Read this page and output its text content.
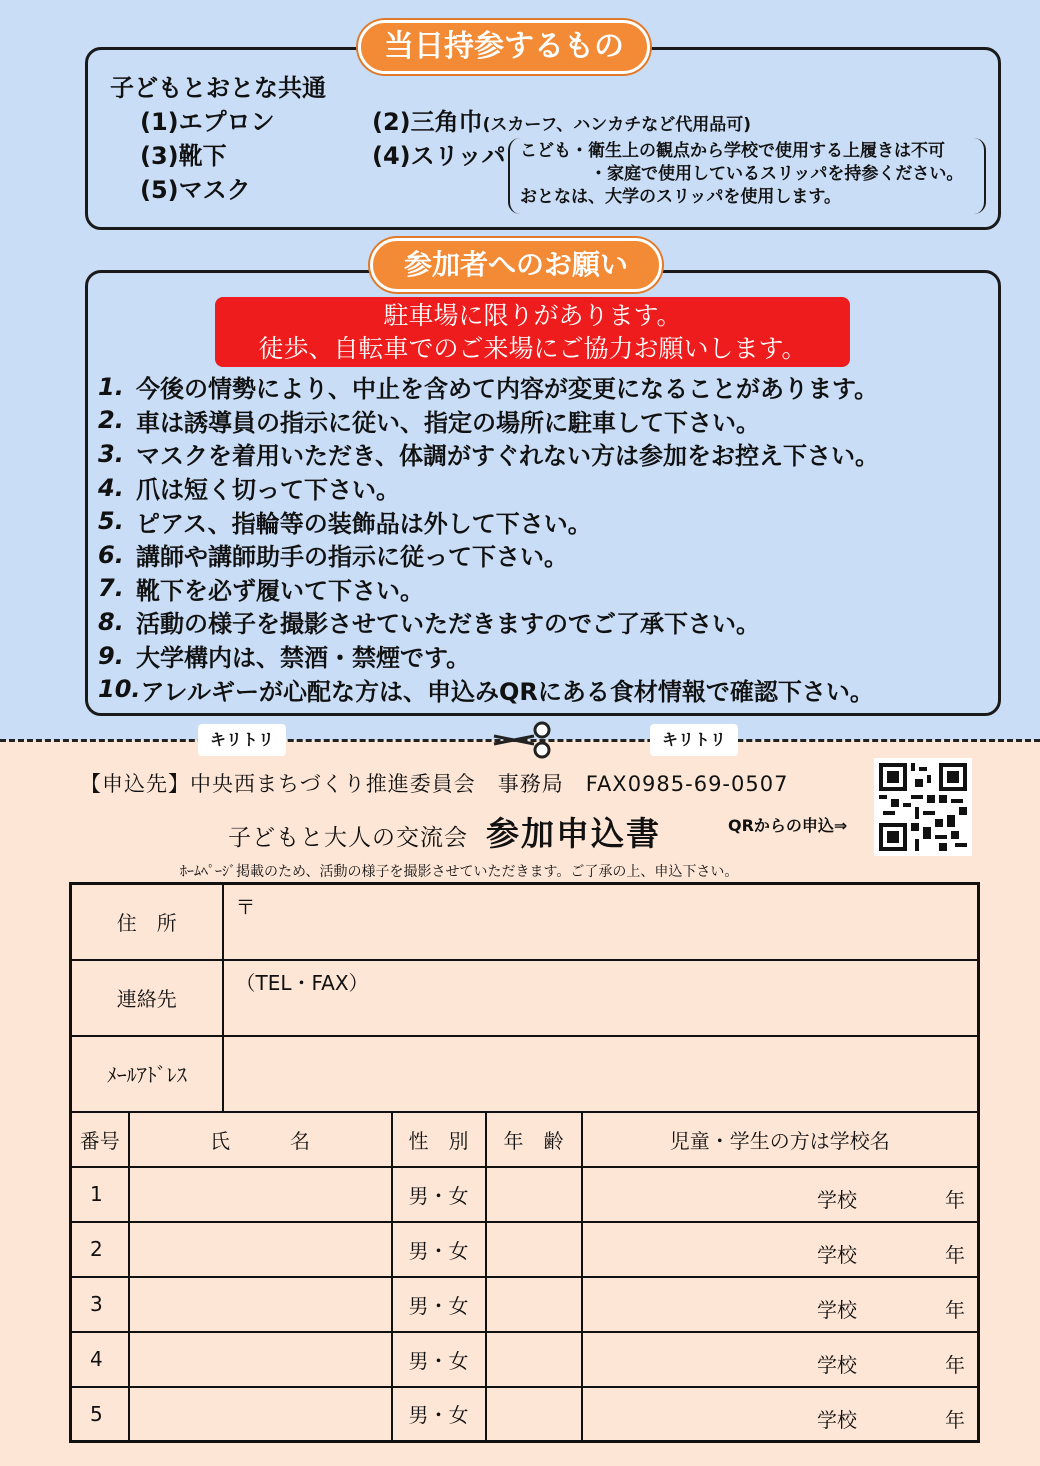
当日持参するもの
子どもとおとな共通
(1)エプロン	(2)三角巾(スカーフ、ハンカチなど代用品可)
(3)靴下	(4)スリッパ
(5)マスク
こども・衛生上の観点から学校で使用する上履きは不可
・家庭で使用しているスリッパを持参ください。
おとなは、大学のスリッパを使用します。
参加者へのお願い
駐車場に限りがあります。
徒歩、自転車でのご来場にご協力お願いします。
1. 今後の情勢により、中止を含めて内容が変更になることがあります。
2. 車は誘導員の指示に従い、指定の場所に駐車して下さい。
3. マスクを着用いただき、体調がすぐれない方は参加をお控え下さい。
4. 爪は短く切って下さい。
5. ピアス、指輪等の装飾品は外して下さい。
6. 講師や講師助手の指示に従って下さい。
7. 靴下を必ず履いて下さい。
8. 活動の様子を撮影させていただきますのでご了承下さい。
9. 大学構内は、禁酒・禁煙です。
10. アレルギーが心配な方は、申込みQRにある食材情報で確認下さい。
キリトリ	キリトリ
【申込先】中央西まちづくり推進委員会　事務局　FAX0985-69-0507
子どもと大人の交流会 参加申込書	QRからの申込⇒
ﾎｰﾑﾍﾟｰｼﾞ掲載のため、活動の様子を撮影させていただきます。ご了承の上、申込下さい。
住　所		〒			
連絡先		（TEL・FAX）			
ﾒｰﾙｱﾄﾞﾚｽ					
番号	氏　　　名		性　別	年　齢	児童・学生の方は学校名
1			男・女		学校 年

2			男・女		学校 年

3			男・女		学校 年

4			男・女		学校 年

5			男・女		学校 年
